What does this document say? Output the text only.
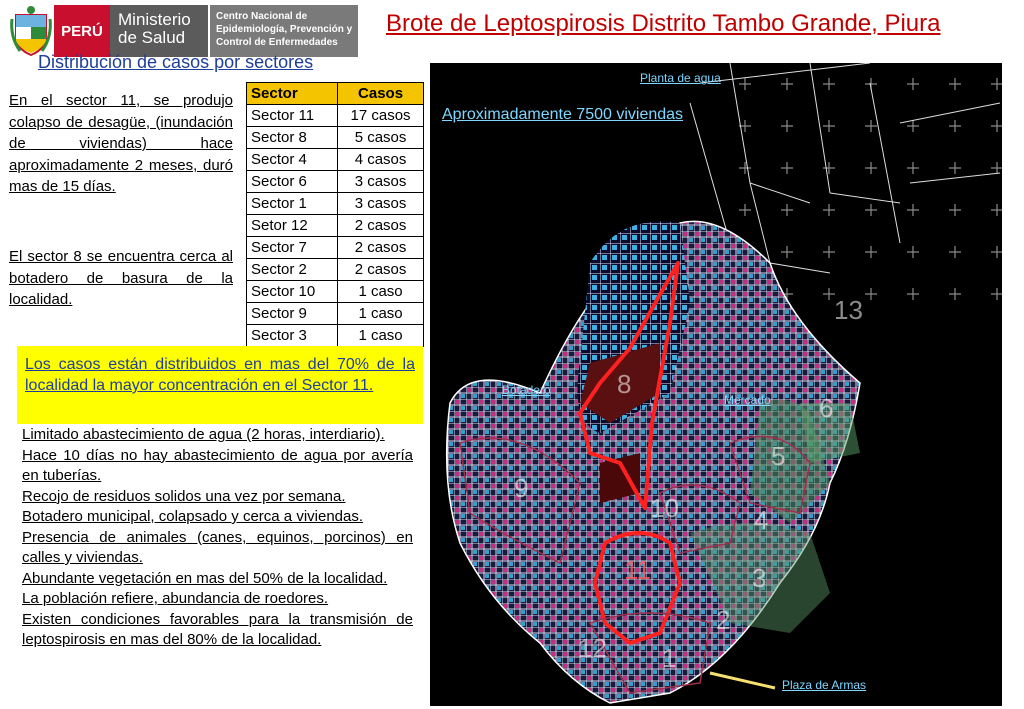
PERÚ
Ministerio de Salud
Centro Nacional de Epidemiología, Prevención y Control de Enfermedades
Brote de Leptospirosis Distrito Tambo Grande, Piura
Distribución de casos por sectores

En el sector 11, se produjo colapso de desagüe, (inundación de viviendas) hace aproximadamente 2 meses, duró mas de 15 días.

El sector 8 se encuentra cerca al botadero de basura de la localidad.

Sector	Casos
Sector 11	17 casos
Sector 8	5 casos
Sector 4	4 casos
Sector 6	3 casos
Sector 1	3 casos
Setor 12	2 casos
Sector 7	2 casos
Sector 2	2 casos
Sector 10	1 caso
Sector 9	1 caso
Sector 3	1 caso
Los casos están distribuidos en mas del 70% de la localidad la mayor concentración en el Sector 11.
Limitado abastecimiento de agua (2 horas, interdiario).
Hace 10 días no hay abastecimiento de agua por avería en tuberías.
Recojo de residuos solidos una vez por semana.
Botadero municipal, colapsado y cerca a viviendas.
Presencia de animales (canes, equinos, porcinos) en calles y viviendas.
Abundante vegetación en mas del 50% de la localidad.
La población refiere, abundancia de roedores.
Existen condiciones favorables para la transmisión de leptospirosis en mas del 80% de la localidad.
Planta de agua
Aproximadamente 7500 viviendas
Botadero
Mercado
Plaza de Armas
13
8
6
5
9
10	4
11	3
2
12 1
